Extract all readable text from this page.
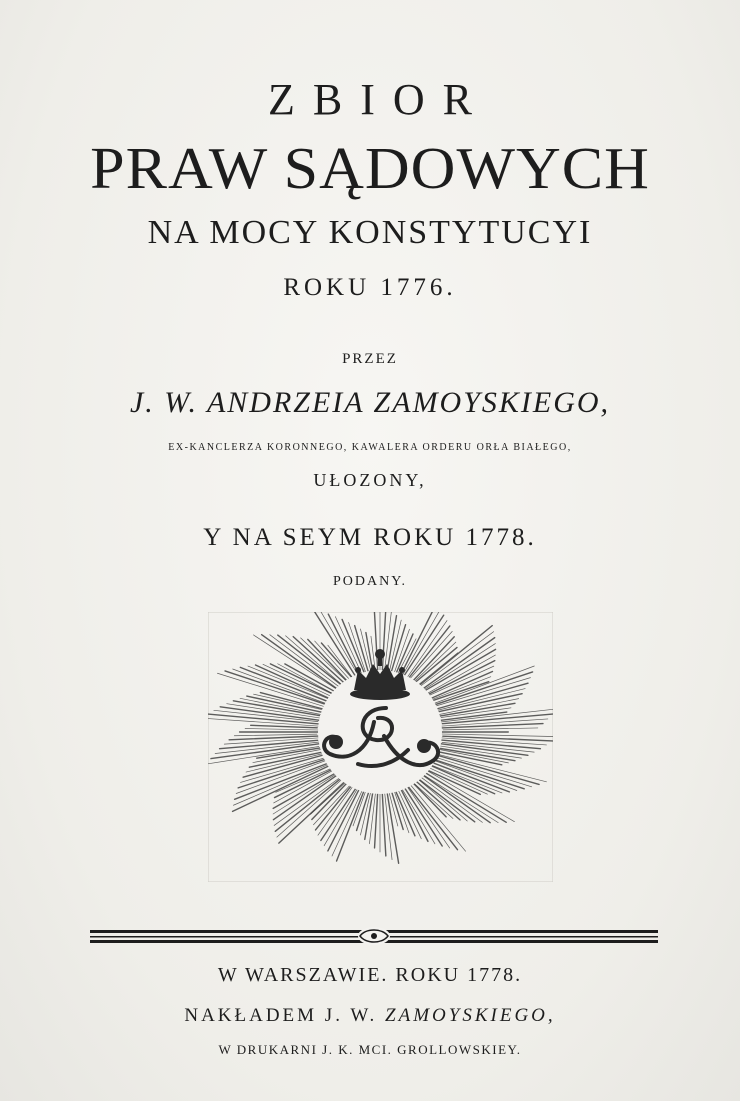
ZBIOR
PRAW SĄDOWYCH
NA MOCY KONSTYTUCYI
ROKU 1776.
PRZEZ
J. W. ANDRZEIA ZAMOYSKIEGO,
EX-KANCLERZA KORONNEGO, KAWALERA ORDERU ORŁA BIAŁEGO,
UŁOZONY,
Y NA SEYM ROKU 1778.
PODANY.
W WARSZAWIE. ROKU 1778.
NAKŁADEM J. W. ZAMOYSKIEGO,
W DRUKARNI J. K. MCI. GROLLOWSKIEY.
